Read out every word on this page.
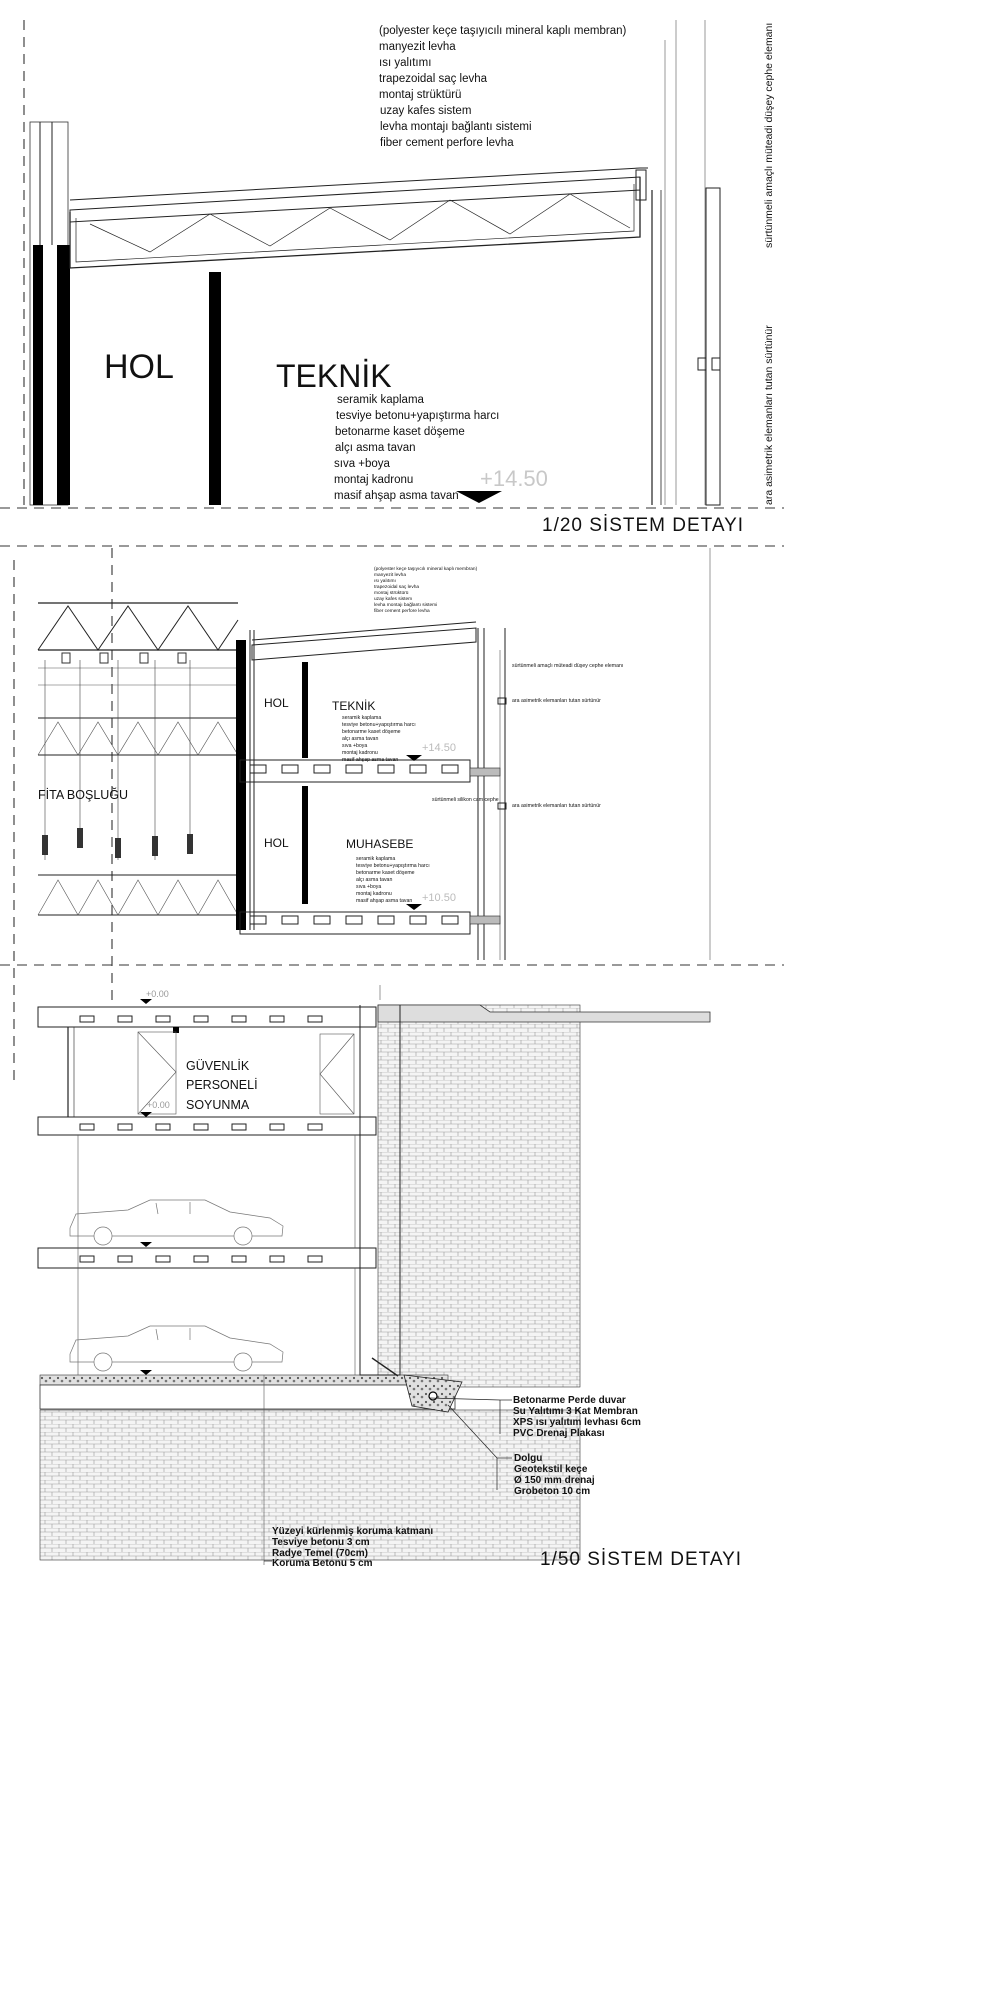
(polyester keçe taşıyıcılı mineral kaplı membran)
manyezit levha
ısı yalıtımı
trapezoidal saç levha
montaj strüktürü
uzay kafes sistem
levha montajı bağlantı sistemi
fiber cement perfore levha
HOL	TEKNİK
seramik kaplama
tesviye betonu+yapıştırma harcı
betonarme kaset döşeme
alçı asma tavan
sıva +boya
montaj kadronu
masif ahşap asma tavan
+14.50
sürtünmeli amaçlı müteadi düşey cephe elemanı
ara asimetrik elemanları tutan sürtünür
1/20 SİSTEM DETAYI
FİTA BOŞLUĞU
(polyester keçe taşıyıcılı mineral kaplı membran)
manyezit levha
ısı yalıtımı
trapezoidal saç levha
montaj strüktürü
uzay kafes sistem
levha montajı bağlantı sistemi
fiber cement perfore levha
HOL	TEKNİK
HOL	MUHASEBE
seramik kaplama
tesviye betonu+yapıştırma harcı
betonarme kaset döşeme
alçı asma tavan
sıva +boya
montaj kadronu
masif ahşap asma tavan
seramik kaplama
tesviye betonu+yapıştırma harcı
betonarme kaset döşeme
alçı asma tavan
sıva +boya
montaj kadronu
masif ahşap asma tavan
+14.50
+10.50
sürtünmeli amaçlı müteadi düşey cephe elemanı
ara asimetrik elemanları tutan sürtünür
sürtünmeli silikon cam cephe
ara asimetrik elemanları tutan sürtünür
GÜVENLİK
PERSONELİ
SOYUNMA
+0.00
+0.00
Betonarme Perde duvar
Su Yalıtımı 3 Kat Membran
XPS ısı yalıtım levhası 6cm
PVC Drenaj Plakası
Dolgu
Geotekstil keçe
Ø 150 mm drenaj
Grobeton 10 cm
Yüzeyi kürlenmiş koruma katmanı
Tesviye betonu 3 cm
Radye Temel (70cm)
Koruma Betonu 5 cm	1/50 SİSTEM DETAYI
